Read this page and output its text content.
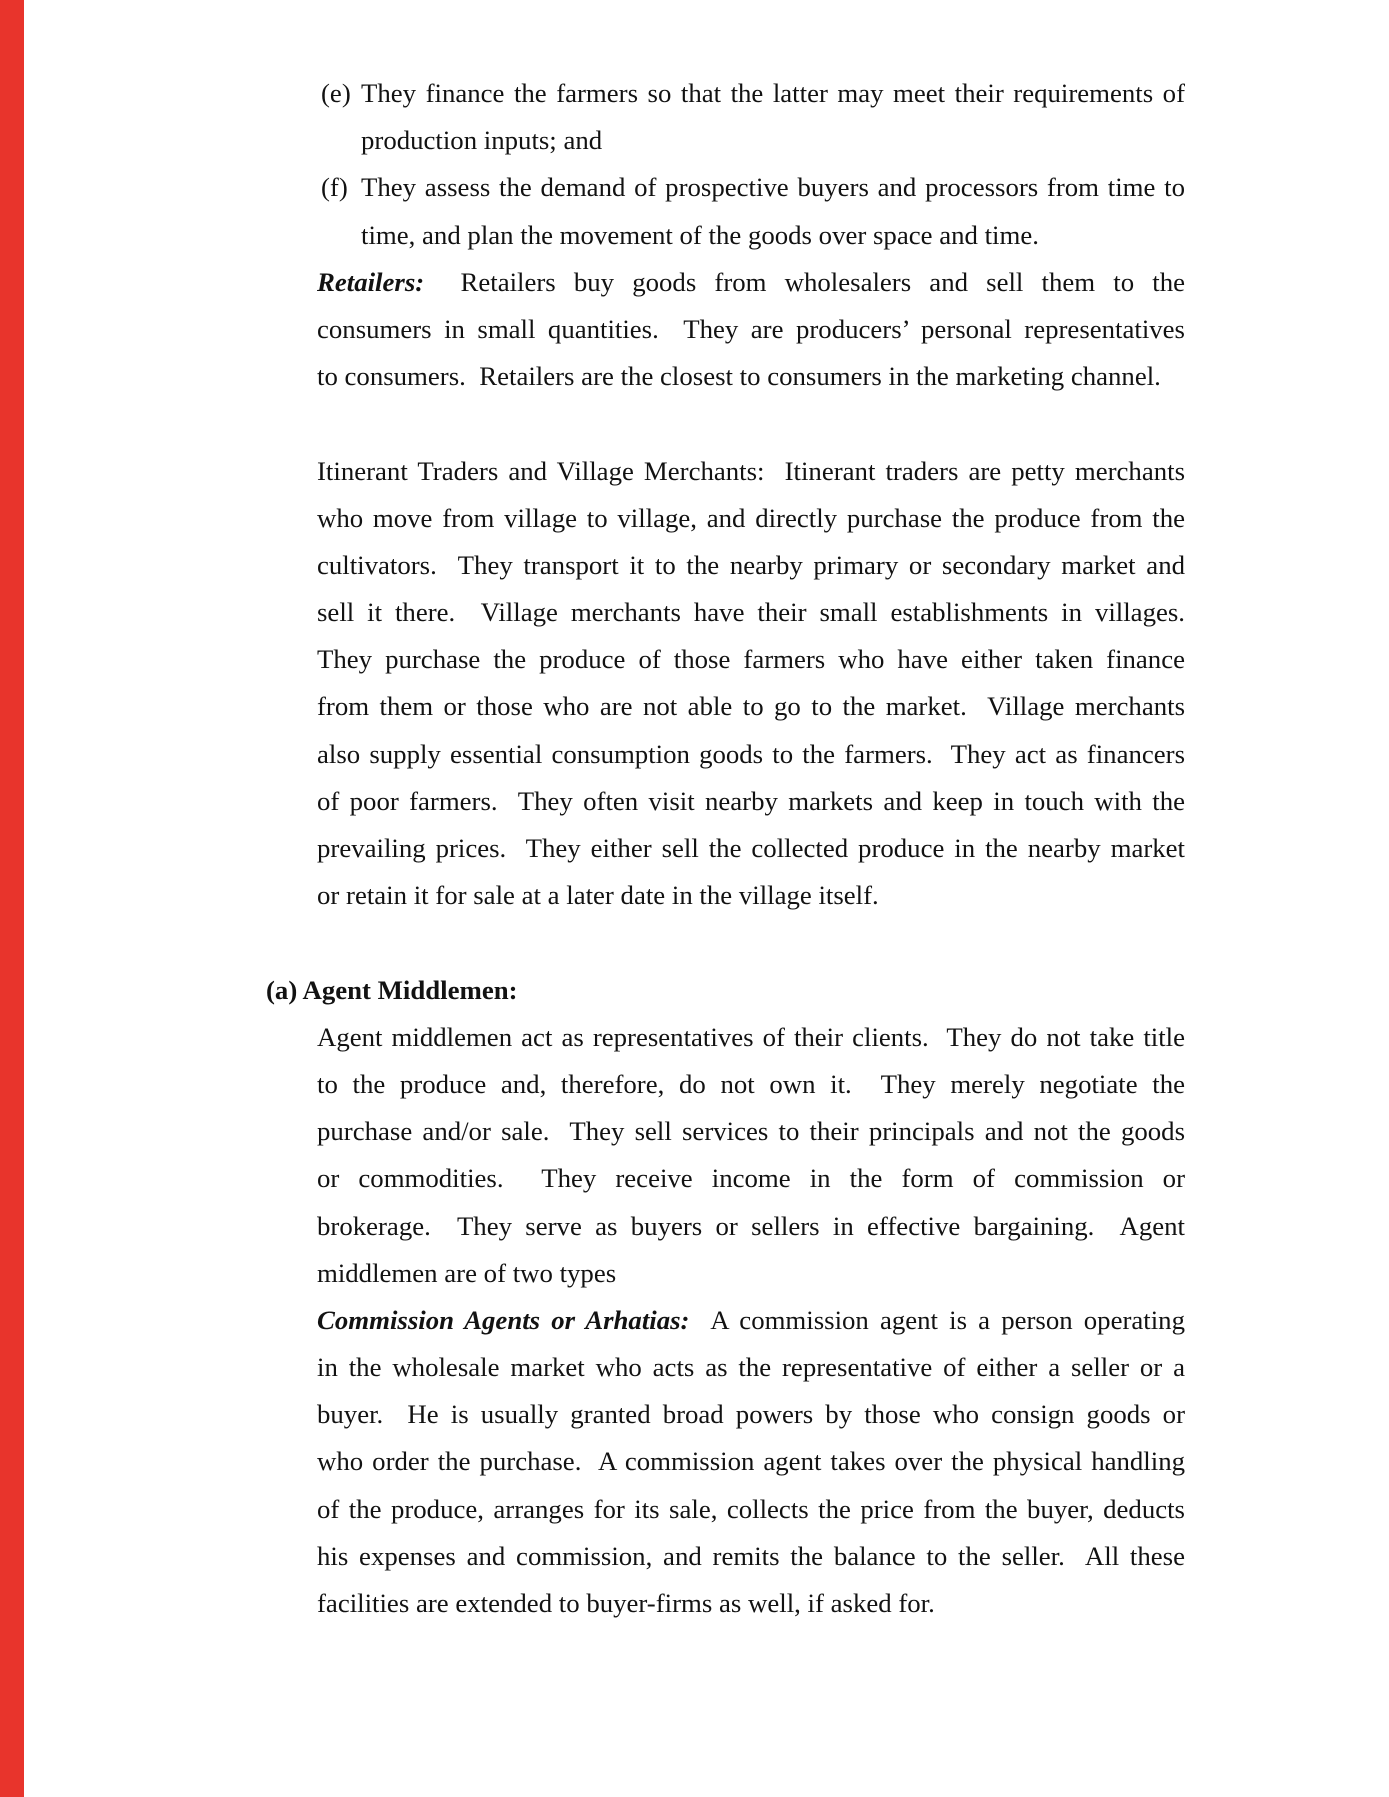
(e) They finance the farmers so that the latter may meet their requirements of
production inputs; and
(f) They assess the demand of prospective buyers and processors from time to
time, and plan the movement of the goods over space and time.
Retailers:  Retailers buy goods from wholesalers and sell them to the
consumers in small quantities.  They are producers’ personal representatives
to consumers.  Retailers are the closest to consumers in the marketing channel.
Itinerant Traders and Village Merchants:  Itinerant traders are petty merchants
who move from village to village, and directly purchase the produce from the
cultivators.  They transport it to the nearby primary or secondary market and
sell it there.  Village merchants have their small establishments in villages.
They purchase the produce of those farmers who have either taken finance
from them or those who are not able to go to the market.  Village merchants
also supply essential consumption goods to the farmers.  They act as financers
of poor farmers.  They often visit nearby markets and keep in touch with the
prevailing prices.  They either sell the collected produce in the nearby market
or retain it for sale at a later date in the village itself.
(a) Agent Middlemen:
Agent middlemen act as representatives of their clients.  They do not take title
to the produce and, therefore, do not own it.  They merely negotiate the
purchase and/or sale.  They sell services to their principals and not the goods
or commodities.  They receive income in the form of commission or
brokerage.  They serve as buyers or sellers in effective bargaining.  Agent
middlemen are of two types
Commission Agents or Arhatias:  A commission agent is a person operating
in the wholesale market who acts as the representative of either a seller or a
buyer.  He is usually granted broad powers by those who consign goods or
who order the purchase.  A commission agent takes over the physical handling
of the produce, arranges for its sale, collects the price from the buyer, deducts
his expenses and commission, and remits the balance to the seller.  All these
facilities are extended to buyer-firms as well, if asked for.
